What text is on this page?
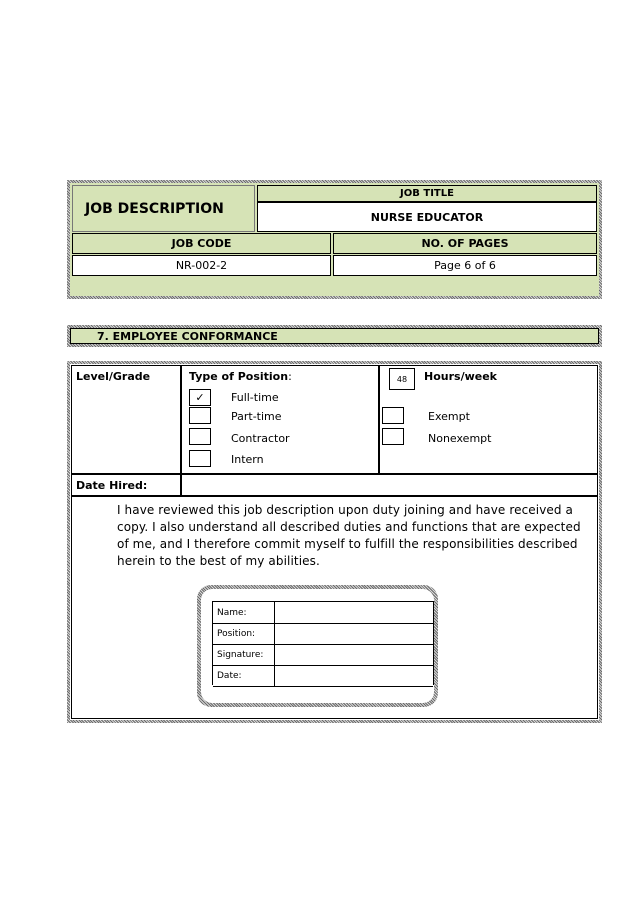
JOB DESCRIPTION
JOB TITLE
NURSE EDUCATOR
JOB CODE	NO. OF PAGES
NR-002-2	Page 6 of 6
7. EMPLOYEE CONFORMANCE
Level/Grade	Type of Position:
✓ Full-time
Part-time
Contractor
Intern
48 Hours/week
Exempt
Nonexempt
Date Hired:
I have reviewed this job description upon duty joining and have received a copy. I also understand all described duties and functions that are expected of me, and I therefore commit myself to fulfill the responsibilities described herein to the best of my abilities.
Name:
Position:
Signature:
Date:
